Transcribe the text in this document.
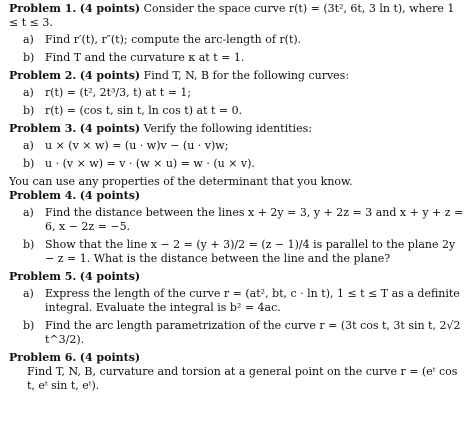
Problem 1. (4 points) Consider the space curve r(t) = (3t², 6t, 3 ln t), where 1 ≤ t ≤ 3.
a)	Find r′(t), r″(t); compute the arc-length of r(t).
b) Find T and the curvature κ at t = 1.
Problem 2. (4 points) Find T, N, B for the following curves:
a)	r(t) = (t², 2t³/3, t) at t = 1;
b) r(t) = (cos t, sin t, ln cos t) at t = 0.
Problem 3. (4 points) Verify the following identities:
a)	u × (v × w) = (u · w)v − (u · v)w;
b) u · (v × w) = v · (w × u) = w · (u × v).

You can use any properties of the determinant that you know.

Problem 4. (4 points)
a)	Find the distance between the lines x + 2y = 3, y + 2z = 3 and x + y + z = 6, x − 2z = −5.
b) Show that the line x − 2 = (y + 3)/2 = (z − 1)/4 is parallel to the plane 2y − z = 1. What is the distance between the line and the plane?
Problem 5. (4 points)
a)	Express the length of the curve r = (at², bt, c · ln t), 1 ≤ t ≤ T as a definite integral. Evaluate the integral is b² = 4ac.
b) Find the arc length parametrization of the curve r = (3t cos t, 3t sin t, 2√2 t^3/2).
Problem 6. (4 points)
Find T, N, B, curvature and torsion at a general point on the curve r = (eᵗ cos t, eᵗ sin t, eᵗ).
